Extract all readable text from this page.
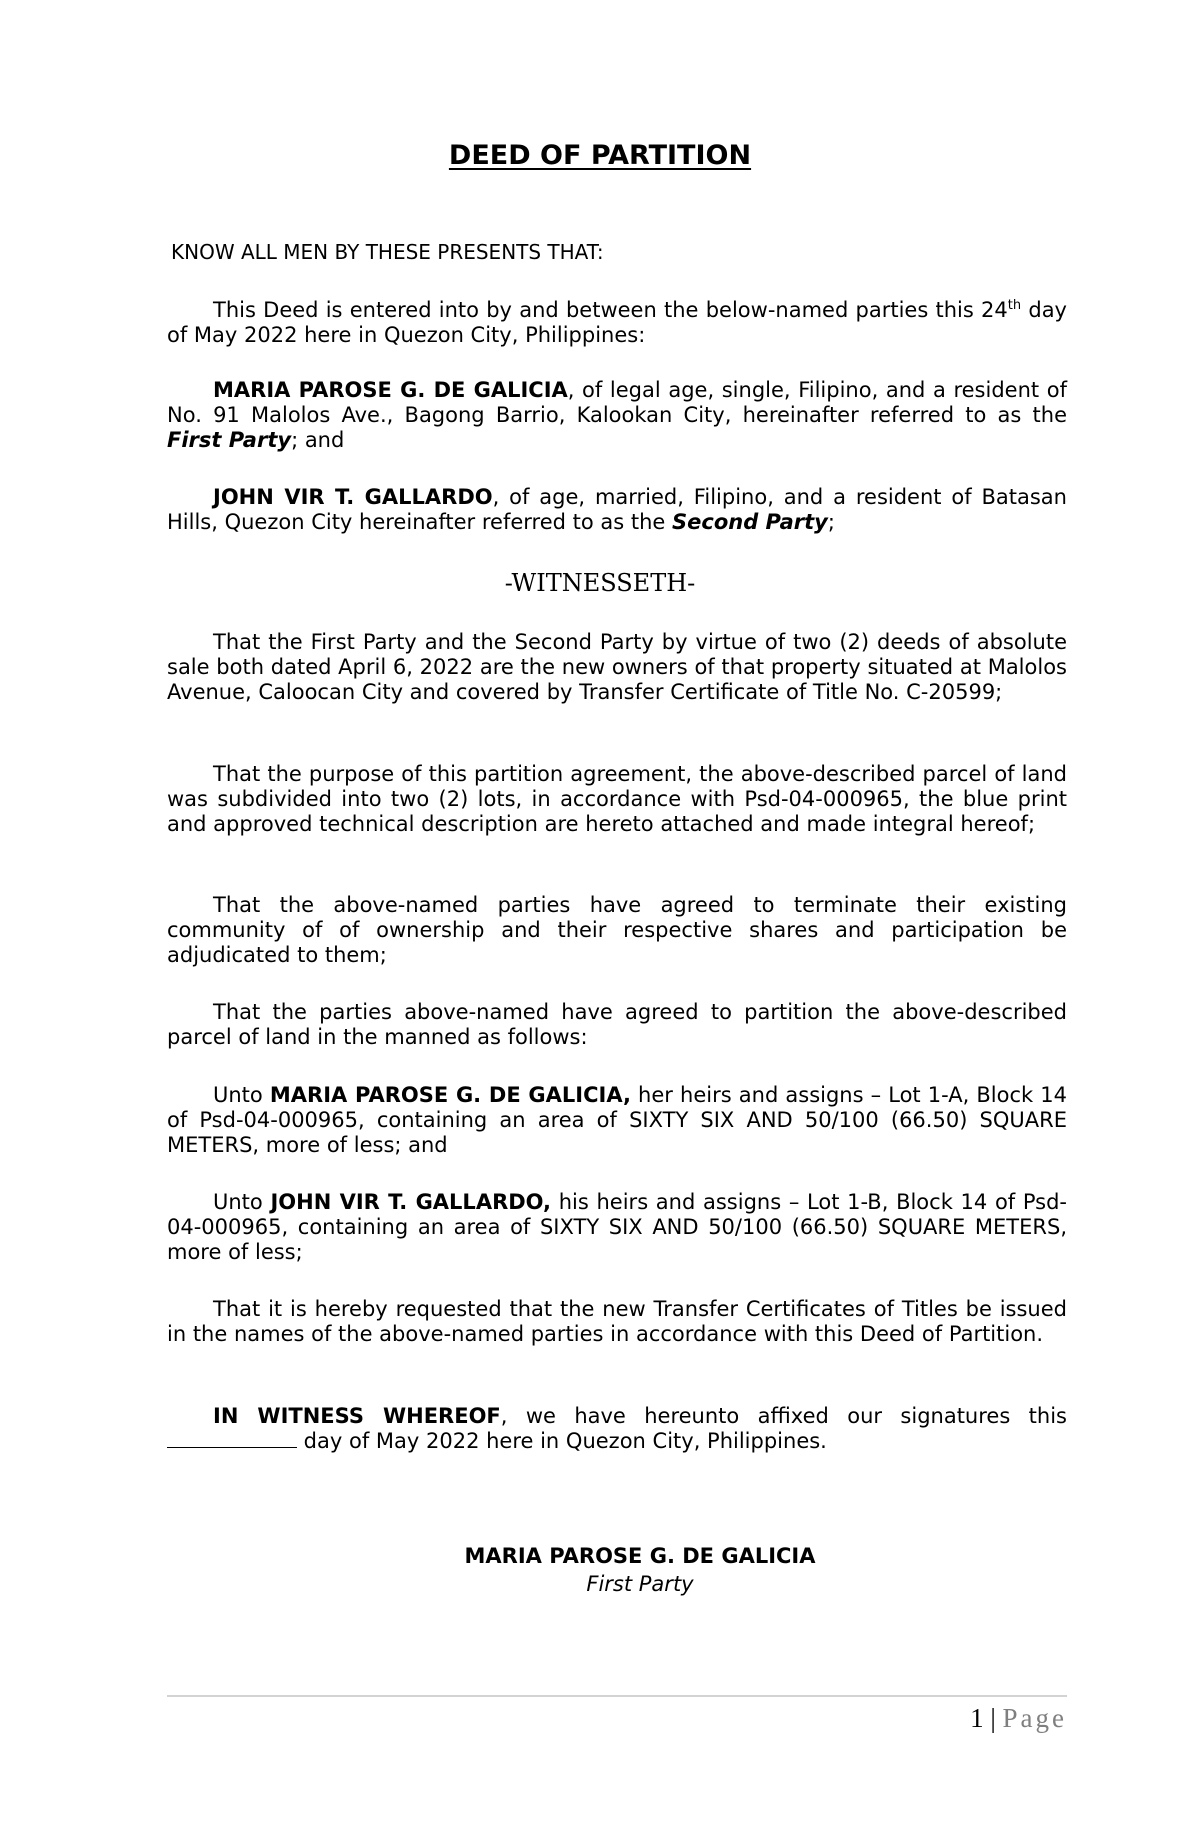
DEED OF PARTITION
KNOW ALL MEN BY THESE PRESENTS THAT:
This Deed is entered into by and between the below-named parties this 24th day of May 2022 here in Quezon City, Philippines:
MARIA PAROSE G. DE GALICIA, of legal age, single, Filipino, and a resident of No. 91 Malolos Ave., Bagong Barrio, Kalookan City, hereinafter referred to as the First Party; and
JOHN VIR T. GALLARDO, of age, married, Filipino, and a resident of Batasan Hills, Quezon City hereinafter referred to as the Second Party;
-WITNESSETH-
That the First Party and the Second Party by virtue of two (2) deeds of absolute sale both dated April 6, 2022 are the new owners of that property situated at Malolos Avenue, Caloocan City and covered by Transfer Certificate of Title No. C-20599;
That the purpose of this partition agreement, the above-described parcel of land was subdivided into two (2) lots, in accordance with Psd-04-000965, the blue print and approved technical description are hereto attached and made integral hereof;
That the above-named parties have agreed to terminate their existing community of of ownership and their respective shares and participation be adjudicated to them;
That the parties above-named have agreed to partition the above-described parcel of land in the manned as follows:
Unto MARIA PAROSE G. DE GALICIA, her heirs and assigns – Lot 1-A, Block 14 of Psd-04-000965, containing an area of SIXTY SIX AND 50/100 (66.50) SQUARE METERS, more of less; and
Unto JOHN VIR T. GALLARDO, his heirs and assigns – Lot 1-B, Block 14 of Psd-04-000965, containing an area of SIXTY SIX AND 50/100 (66.50) SQUARE METERS, more of less;
That it is hereby requested that the new Transfer Certificates of Titles be issued in the names of the above-named parties in accordance with this Deed of Partition.
IN WITNESS WHEREOF, we have hereunto affixed our signatures this  day of May 2022 here in Quezon City, Philippines.
MARIA PAROSE G. DE GALICIA
First Party
1 | Page
